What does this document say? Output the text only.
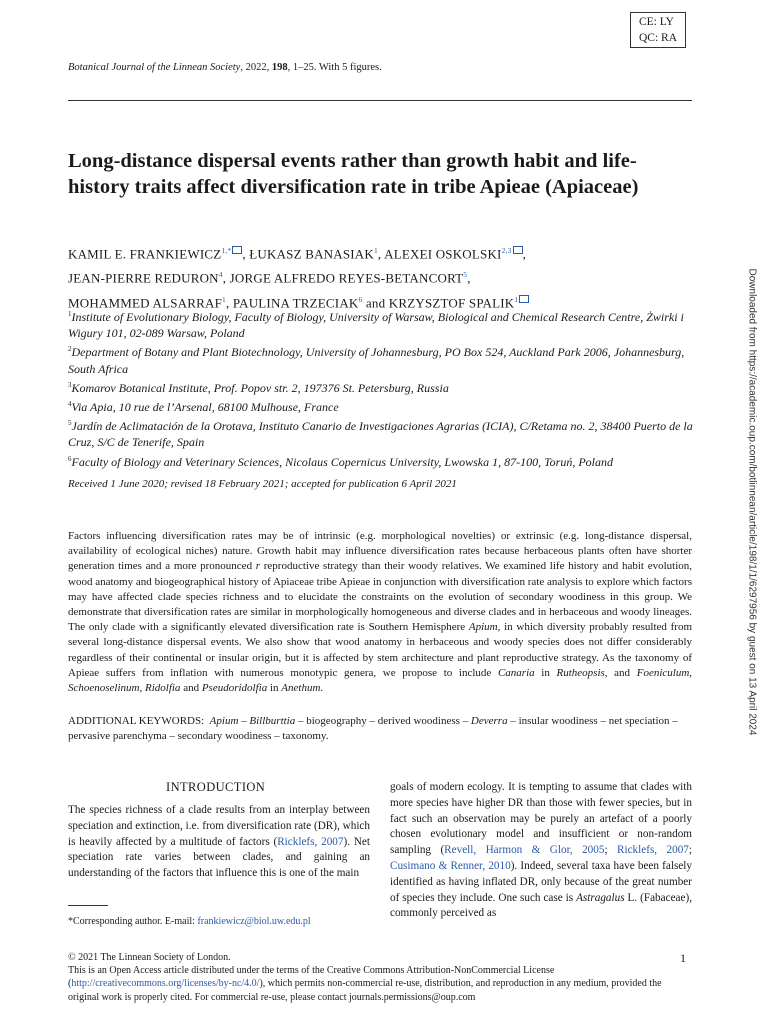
CE: LY
QC: RA
Botanical Journal of the Linnean Society, 2022, 198, 1–25. With 5 figures.
Long-distance dispersal events rather than growth habit and life-history traits affect diversification rate in tribe Apieae (Apiaceae)
KAMIL E. $FRANKIEWICZ^{1,*}$ , ŁUKASZ BANASIAK$^1$, ALEXEI OSKOLSKI$^{2,3}$ ,
JEAN-PIERRE REDURON$^4$, JORGE ALFREDO REYES-BETANCORT$^5$,
MOHAMMED ALSARRAF$^1$, PAULINA TRZECIAK$^6$ and KRZYSZTOF SPALIK$^1$

$^1$Institute of Evolutionary Biology, Faculty of Biology, University of Warsaw, Biological and Chemical Research Centre, Żwirki i Wigury 101, 02-089 Warsaw, Poland

$^2$Department of Botany and Plant Biotechnology, University of Johannesburg, PO Box 524, Auckland Park 2006, Johannesburg, South Africa

$^3$Komarov Botanical Institute, Prof. Popov str. 2, 197376 St. Petersburg, Russia

$^4$Via Apia, 10 rue de l’Arsenal, 68100 Mulhouse, France

$^5$Jardín de Aclimatación de la Orotava, Instituto Canario de Investigaciones Agrarias (ICIA), C/Retama no. 2, 38400 Puerto de la Cruz, S/C de Tenerife, Spain

$^6$Faculty of Biology and Veterinary Sciences, Nicolaus Copernicus University, Lwowska 1, 87-100, Toruń, Poland

Received 1 June 2020; revised 18 February 2021; accepted for publication 6 April 2021
Factors influencing diversification rates may be of intrinsic (e.g. morphological novelties) or extrinsic (e.g. long-distance dispersal, availability of ecological niches) nature. Growth habit may influence diversification rates because herbaceous plants often have shorter generation times and a more pronounced r reproductive strategy than their woody relatives. We examined life history and habit evolution, wood anatomy and biogeographical history of Apiaceae tribe Apieae in conjunction with diversification rate analysis to explore which factors may have affected clade species richness and to elucidate the constraints on the evolution of secondary woodiness in this group. We demonstrate that diversification rates are similar in morphologically homogeneous and diverse clades and in herbaceous and woody lineages. The only clade with a significantly elevated diversification rate is Southern Hemisphere Apium, in which diversity probably resulted from several long-distance dispersal events. We also show that wood anatomy in herbaceous and woody species does not differ considerably regardless of their continental or insular origin, but it is affected by stem architecture and plant reproductive strategy. As the taxonomy of Apieae suffers from inflation with numerous monotypic genera, we propose to include Canaria in Rutheopsis, and Foeniculum, Schoenoselinum, Ridolfia and Pseudoridolfia in Anethum.
ADDITIONAL KEYWORDS: Apium – Billburttia – biogeography – derived woodiness – Deverra – insular woodiness – net speciation – pervasive parenchyma – secondary woodiness – taxonomy.
INTRODUCTION
The species richness of a clade results from an interplay between speciation and extinction, i.e. from diversification rate (DR), which is heavily affected by a multitude of factors (Ricklefs, 2007). Net speciation rate varies between clades, and gaining an understanding of the factors that influence this is one of the main
goals of modern ecology. It is tempting to assume that clades with more species have higher DR than those with fewer species, but in fact such an observation may be purely an artefact of a poorly chosen evolutionary model and insufficient or non-random sampling (Revell, Harmon & Glor, 2005; Ricklefs, 2007; Cusimano & Renner, 2010). Indeed, several taxa have been falsely identified as having inflated DR, only because of the great number of species they include. One such case is Astragalus L. (Fabaceae), commonly perceived as
*Corresponding author. E-mail: frankiewicz@biol.uw.edu.pl
© 2021 The Linnean Society of London.
This is an Open Access article distributed under the terms of the Creative Commons Attribution-NonCommercial License
(http://creativecommons.org/licenses/by-nc/4.0/), which permits non-commercial re-use, distribution, and reproduction in any medium, provided the original work is properly cited. For commercial re-use, please contact journals.permissions@oup.com
1
Downloaded from https://academic.oup.com/botlinnean/article/198/1/1/6297956 by guest on 13 April 2024
